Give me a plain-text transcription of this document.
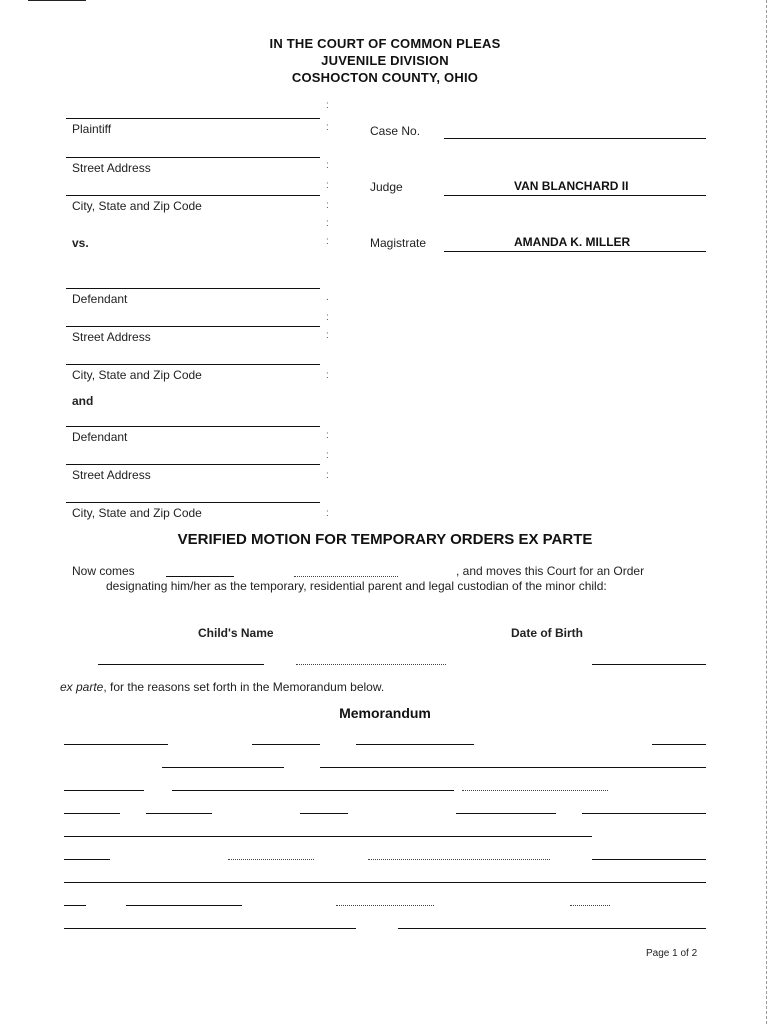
IN THE COURT OF COMMON PLEAS
JUVENILE DIVISION
COSHOCTON COUNTY, OHIO
Plaintiff
Street Address
City, State and Zip Code
vs.
Defendant
Street Address
City, State and Zip Code
and
Defendant
Street Address
City, State and Zip Code
:
:
:
:
:
:
:
.
:
:
:
:
:
:
:
Case No.
Judge	VAN BLANCHARD II
Magistrate	AMANDA K. MILLER
VERIFIED MOTION FOR TEMPORARY ORDERS EX PARTE
Now comes	, and moves this Court for an Order
designating him/her as the temporary, residential parent and legal custodian of the minor child:
Child's Name	Date of Birth
ex parte, for the reasons set forth in the Memorandum below.
Memorandum
Page 1 of 2
